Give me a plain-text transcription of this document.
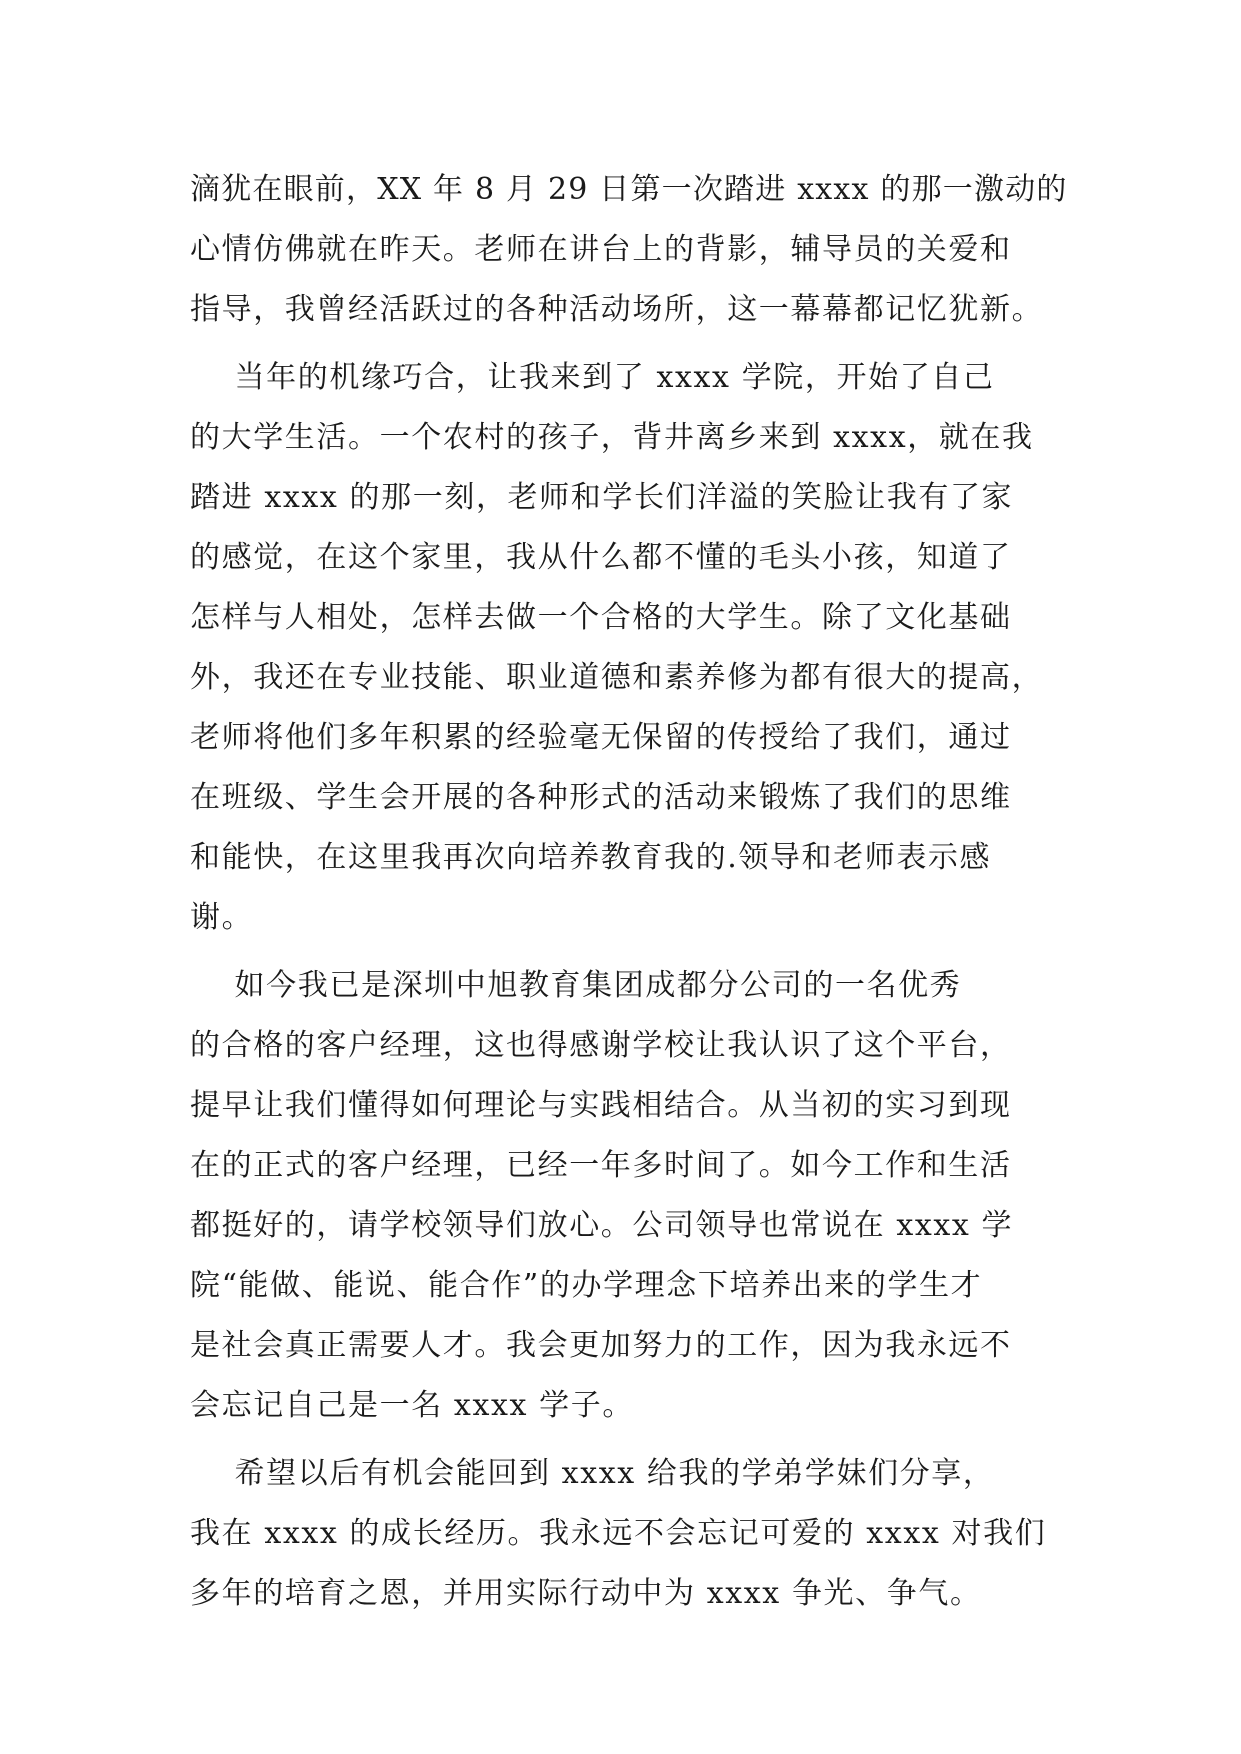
滴犹在眼前，XX 年 8 月 29 日第一次踏进 xxxx 的那一激动的
心情仿佛就在昨天。老师在讲台上的背影，辅导员的关爱和
指导，我曾经活跃过的各种活动场所，这一幕幕都记忆犹新。
当年的机缘巧合，让我来到了 xxxx 学院，开始了自己
的大学生活。一个农村的孩子，背井离乡来到 xxxx，就在我
踏进 xxxx 的那一刻，老师和学长们洋溢的笑脸让我有了家
的感觉，在这个家里，我从什么都不懂的毛头小孩，知道了
怎样与人相处，怎样去做一个合格的大学生。除了文化基础
外，我还在专业技能、职业道德和素养修为都有很大的提高，
老师将他们多年积累的经验毫无保留的传授给了我们，通过
在班级、学生会开展的各种形式的活动来锻炼了我们的思维
和能快，在这里我再次向培养教育我的.领导和老师表示感
谢。
如今我已是深圳中旭教育集团成都分公司的一名优秀
的合格的客户经理，这也得感谢学校让我认识了这个平台，
提早让我们懂得如何理论与实践相结合。从当初的实习到现
在的正式的客户经理，已经一年多时间了。如今工作和生活
都挺好的，请学校领导们放心。公司领导也常说在 xxxx 学
院“能做、能说、能合作”的办学理念下培养出来的学生才
是社会真正需要人才。我会更加努力的工作，因为我永远不
会忘记自己是一名 xxxx 学子。
希望以后有机会能回到 xxxx 给我的学弟学妹们分享，
我在 xxxx 的成长经历。我永远不会忘记可爱的 xxxx 对我们
多年的培育之恩，并用实际行动中为 xxxx 争光、争气。
